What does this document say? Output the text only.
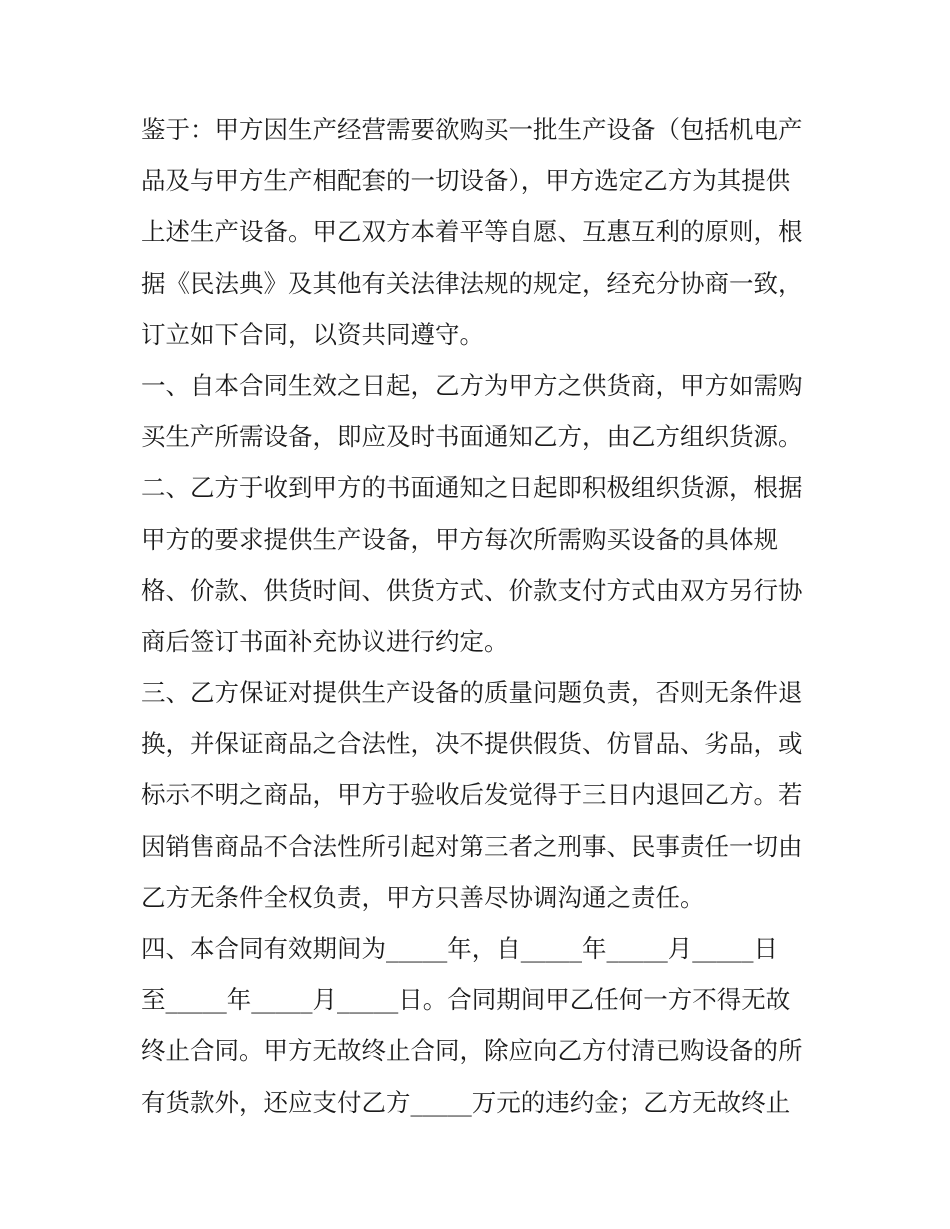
鉴于：甲方因生产经营需要欲购买一批生产设备（包括机电产
品及与甲方生产相配套的一切设备），甲方选定乙方为其提供
上述生产设备。甲乙双方本着平等自愿、互惠互利的原则，根
据《民法典》及其他有关法律法规的规定，经充分协商一致，
订立如下合同，以资共同遵守。
一、自本合同生效之日起，乙方为甲方之供货商，甲方如需购
买生产所需设备，即应及时书面通知乙方，由乙方组织货源。
二、乙方于收到甲方的书面通知之日起即积极组织货源，根据
甲方的要求提供生产设备，甲方每次所需购买设备的具体规
格、价款、供货时间、供货方式、价款支付方式由双方另行协
商后签订书面补充协议进行约定。
三、乙方保证对提供生产设备的质量问题负责，否则无条件退
换，并保证商品之合法性，决不提供假货、仿冒品、劣品，或
标示不明之商品，甲方于验收后发觉得于三日内退回乙方。若
因销售商品不合法性所引起对第三者之刑事、民事责任一切由
乙方无条件全权负责，甲方只善尽协调沟通之责任。
四、本合同有效期间为_____年，自_____年_____月_____日
至_____年_____月_____日。合同期间甲乙任何一方不得无故
终止合同。甲方无故终止合同，除应向乙方付清已购设备的所
有货款外，还应支付乙方_____万元的违约金；乙方无故终止
